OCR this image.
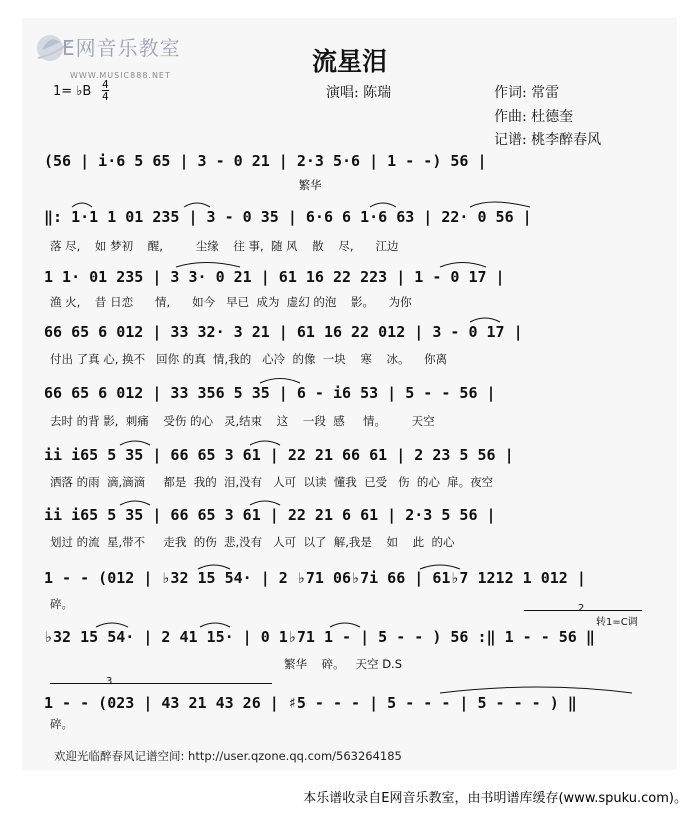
E网音乐教室
WWW.MUSIC888.NET	流星泪
1= ♭B 4
4	演唱: 陈瑞	作词: 常雷
作曲: 杜德奎
记谱: 桃李醉春风
(56 | i·6 5 65 | 3 - 0 21 | 2·3 5·6 | 1 - -) 56 |
繁华
‖: 1·1 1 01 235 | 3 - 0 35 | 6·6 6 1·6 63 | 22· 0 56 |
落 尽,    如 梦初    醒,         尘缘    往 事,  随 风    散    尽,      江边
1 1· 01 235 | 3 3· 0 21 | 61 16 22 223 | 1 - 0 17 |
渔 火,    昔 日恋      情,      如今   早已  成为  虚幻 的泡    影。    为你
66 65 6 012 | 33 32· 3 21 | 61 16 22 012 | 3 - 0 17 |
付出 了真 心, 换不   回你 的真  情,我的   心冷  的像  一块    寒    冰。    你离
66 65 6 012 | 33 356 5 35 | 6 - i6 53 | 5 - - 56 |
去时 的背 影,  刺痛    受伤 的心   灵,结束    这    一段  感     情。       天空
ii i65 5 35 | 66 65 3 61 | 22 21 66 61 | 2 23 5 56 |
洒落 的雨  滴,滴滴     都是  我的  泪,没有   人可  以读  懂我  已受   伤  的心  扉。夜空
ii i65 5 35 | 66 65 3 61 | 22 21 6 61 | 2·3 5 56 |
划过 的流  星,带不     走我  的伤  悲,没有   人可  以了  解,我是    如    此  的心
1 - - (012 | ♭32 15 54· | 2 ♭71 06♭7i 66 | 61♭7 1212 1 012 |
碎。	2
转1=C调
♭32 15 54· | 2 41 15· | 0 1♭71 1 - | 5 - - ) 56 :‖ 1 - - 56 ‖
繁华    碎。   天空 D.S
3
1 - - (023 | 43 21 43 26 | ♯5 - - - | 5 - - - | 5 - - - ) ‖
碎。
欢迎光临醉春风记谱空间: http://user.qzone.qq.com/563264185
本乐谱收录自E网音乐教室，由书明谱库缓存(www.spuku.com)。
